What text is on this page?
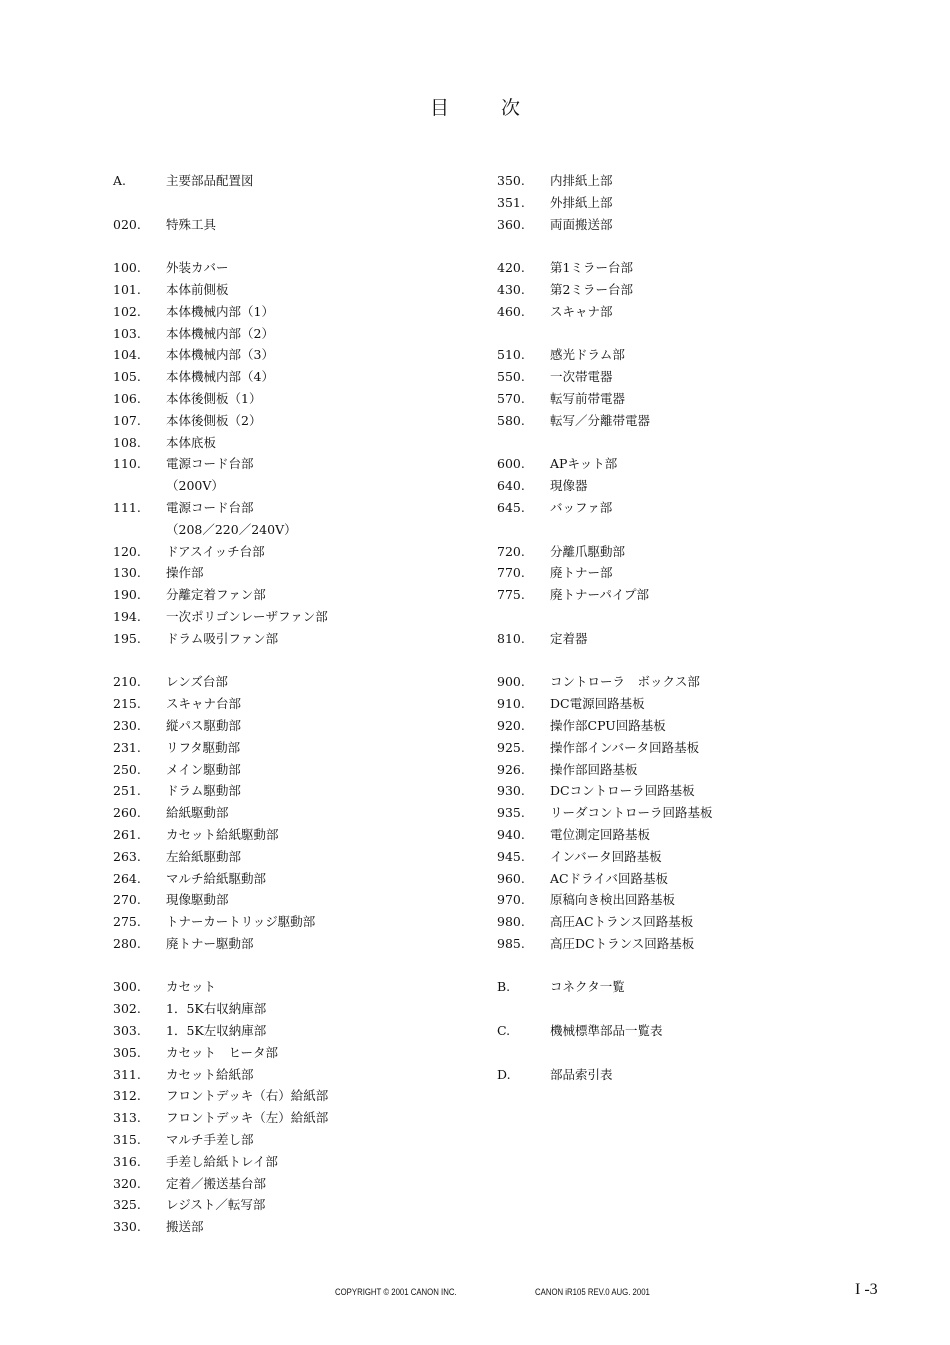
目次
A.	主要部品配置図
020.	特殊工具
100.	外装カバー
101.	本体前側板
102.	本体機械内部（1）
103.	本体機械内部（2）
104.	本体機械内部（3）
105.	本体機械内部（4）
106.	本体後側板（1）
107.	本体後側板（2）
108.	本体底板
110.	電源コード台部
（200V）
111.	電源コード台部
（208／220／240V）
120.	ドアスイッチ台部
130.	操作部
190.	分離定着ファン部
194.	一次ポリゴンレーザファン部
195.	ドラム吸引ファン部
210.	レンズ台部
215.	スキャナ台部
230.	縦パス駆動部
231.	リフタ駆動部
250.	メイン駆動部
251.	ドラム駆動部
260.	給紙駆動部
261.	カセット給紙駆動部
263.	左給紙駆動部
264.	マルチ給紙駆動部
270.	現像駆動部
275.	トナーカートリッジ駆動部
280.	廃トナー駆動部
300.	カセット
302.	1．5K右収納庫部
303.	1．5K左収納庫部
305.	カセット　ヒータ部
311.	カセット給紙部
312.	フロントデッキ（右）給紙部
313.	フロントデッキ（左）給紙部
315.	マルチ手差し部
316.	手差し給紙トレイ部
320.	定着／搬送基台部
325.	レジスト／転写部
330.	搬送部
350.	内排紙上部
351.	外排紙上部
360.	両面搬送部
420.	第1ミラー台部
430.	第2ミラー台部
460.	スキャナ部
510.	感光ドラム部
550.	一次帯電器
570.	転写前帯電器
580.	転写／分離帯電器
600.	APキット部
640.	現像器
645.	バッファ部
720.	分離爪駆動部
770.	廃トナー部
775.	廃トナーパイプ部
810.	定着器
900.	コントローラ　ボックス部
910.	DC電源回路基板
920.	操作部CPU回路基板
925.	操作部インバータ回路基板
926.	操作部回路基板
930.	DCコントローラ回路基板
935.	リーダコントローラ回路基板
940.	電位測定回路基板
945.	インバータ回路基板
960.	ACドライバ回路基板
970.	原稿向き検出回路基板
980.	高圧ACトランス回路基板
985.	高圧DCトランス回路基板
B.	コネクタ一覧
C.	機械標準部品一覧表
D.	部品索引表
COPYRIGHT © 2001 CANON INC.	CANON iR105 REV.0 AUG. 2001	I -3
